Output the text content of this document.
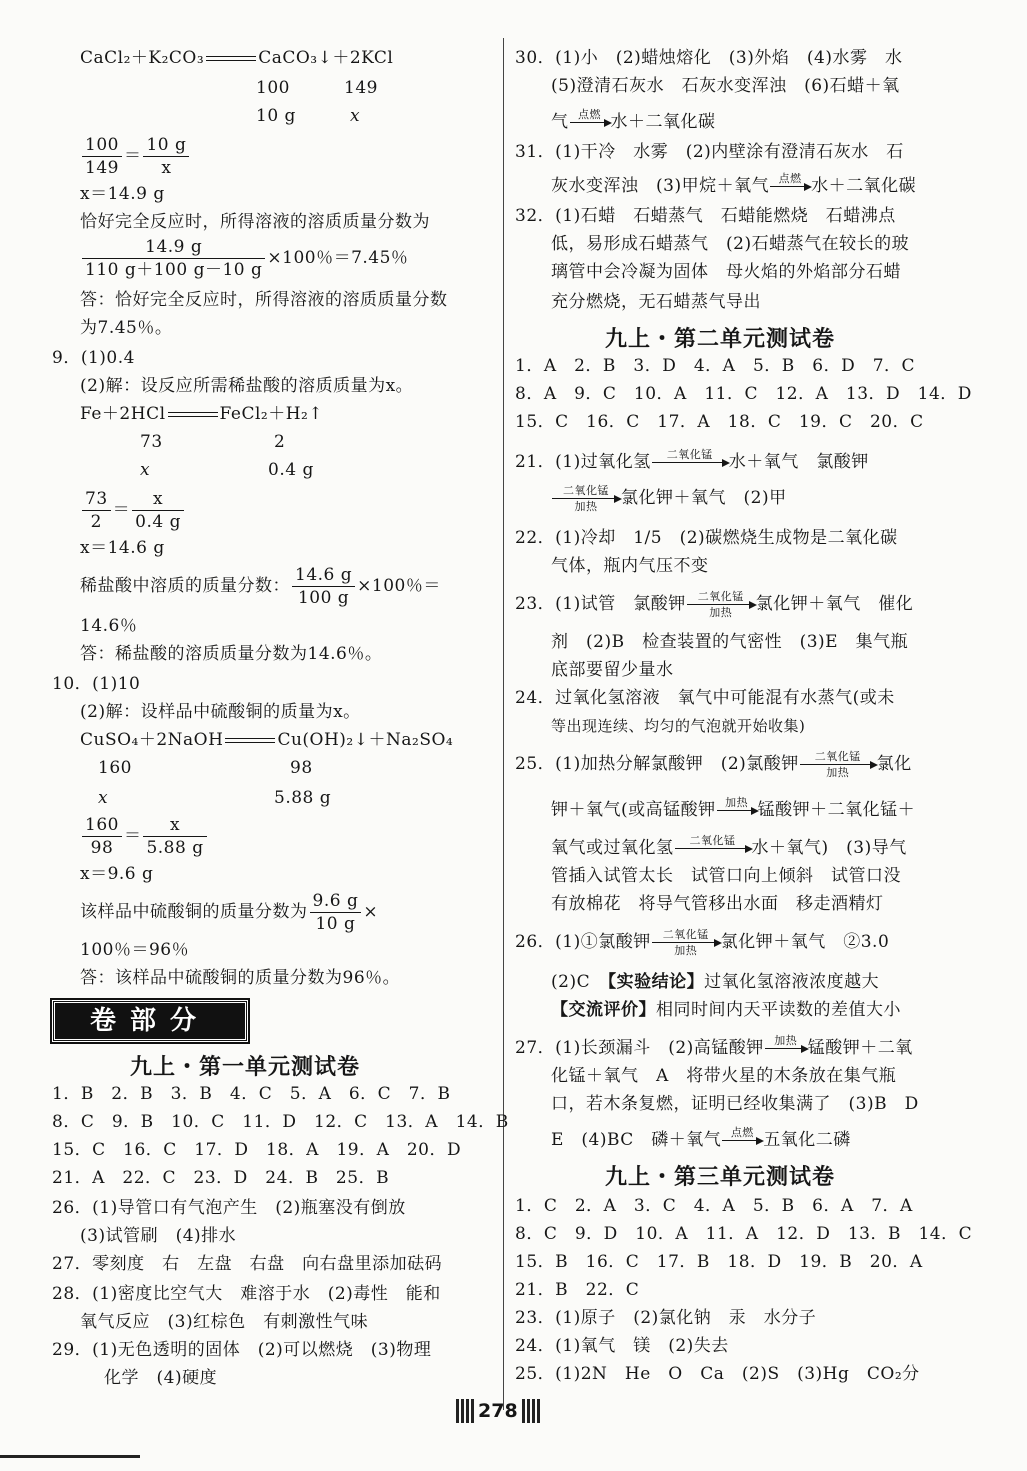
CaCl₂＋K₂CO₃	CaCO₃↓＋2KCl
100	149
10 g	x
$\frac{100}{149} = \frac{10 g}{x}$
x＝14.9 g
恰好完全反应时，所得溶液的溶质质量分数为
$\frac{14.9 g}{110 g+100 g-10 g} \times 100$％＝7.45％
答：恰好完全反应时，所得溶液的溶质质量分数
为7.45％。
9．(1)0.4
(2)解：设反应所需稀盐酸的溶质质量为x。
Fe＋2HCl	FeCl₂＋H₂↑
73	2
x	0.4 g
$\frac{73}{2} = \frac{x}{0.4 g}$
x＝14.6 g
稀盐酸中溶质的质量分数： $\frac{14.6 g}{100 g} \times 100$％＝
14.6％
答：稀盐酸的溶质质量分数为14.6％。
10．(1)10
(2)解：设样品中硫酸铜的质量为x。
CuSO₄＋2NaOH	Cu(OH)₂↓＋Na₂SO₄
160	98
x	5.88 g
$\frac{160}{98} = \frac{x}{5.88 g}$
x＝9.6 g
该样品中硫酸铜的质量分数为 $\frac{9.6 g}{10 g}$ ×
100％＝96％
答：该样品中硫酸铜的质量分数为96％。
卷部分
九上・第一单元测试卷
1．B　2．B　3．B　4．C　5．A　6．C　7．B
8．C　9．B　10．C　11．D　12．C　13．A　14．B
15．C　16．C　17．D　18．A　19．A　20．D
21．A　22．C　23．D　24．B　25．B
26．(1)导管口有气泡产生　(2)瓶塞没有倒放
(3)试管刷　(4)排水
27．零刻度　右　左盘　右盘　向右盘里添加砝码
28．(1)密度比空气大　难溶于水　(2)毒性　能和
氧气反应　(3)红棕色　有刺激性气味
29．(1)无色透明的固体　(2)可以燃烧　(3)物理
化学　(4)硬度
30．(1)小　(2)蜡烛熔化　(3)外焰　(4)水雾　水
(5)澄清石灰水　石灰水变浑浊　(6)石蜡＋氧
气 点燃 水＋二氧化碳
31．(1)干冷　水雾　(2)内壁涂有澄清石灰水　石
灰水变浑浊　(3)甲烷＋氧气 点燃 水＋二氧化碳
32．(1)石蜡　石蜡蒸气　石蜡能燃烧　石蜡沸点
低，易形成石蜡蒸气　(2)石蜡蒸气在较长的玻
璃管中会冷凝为固体　母火焰的外焰部分石蜡
充分燃烧，无石蜡蒸气导出
九上・第二单元测试卷
1．A　2．B　3．D　4．A　5．B　6．D　7．C
8．A　9．C　10．A　11．C　12．A　13．D　14．D
15．C　16．C　17．A　18．C　19．C　20．C
21．(1)过氧化氢	二氧化锰 水＋氧气　氯酸钾
二氧化锰
加热	氯化钾＋氧气　(2)甲
22．(1)冷却　1/5　(2)碳燃烧生成物是二氧化碳
气体，瓶内气压不变
23．(1)试管　氯酸钾	二氧化锰
加热	氯化钾＋氧气　催化
剂　(2)B　检查装置的气密性　(3)E　集气瓶
底部要留少量水
24．过氧化氢溶液　氧气中可能混有水蒸气(或未
等出现连续、均匀的气泡就开始收集)
25．(1)加热分解氯酸钾　(2)氯酸钾	二氧化锰
加热	氯化
钾＋氧气(或高锰酸钾 加热 锰酸钾＋二氧化锰＋
氧气或过氧化氢	二氧化锰 水＋氧气)　(3)导气
管插入试管太长　试管口向上倾斜　试管口没
有放棉花　将导气管移出水面　移走酒精灯
26．(1)①氯酸钾	二氧化锰
加热	氯化钾＋氧气　②3.0
(2)C　【实验结论】过氧化氢溶液浓度越大
【交流评价】相同时间内天平读数的差值大小
27．(1)长颈漏斗　(2)高锰酸钾 加热 锰酸钾＋二氧
化锰＋氧气　A　将带火星的木条放在集气瓶
口，若木条复燃，证明已经收集满了　(3)B　D
E　(4)BC　磷＋氧气 点燃 五氧化二磷
九上・第三单元测试卷
1．C　2．A　3．C　4．A　5．B　6．A　7．A
8．C　9．D　10．A　11．A　12．D　13．B　14．C
15．B　16．C　17．B　18．D　19．B　20．A
21．B　22．C
23．(1)原子　(2)氯化钠　汞　水分子
24．(1)氧气　镁　(2)失去
25．(1)2N　He　O　Ca　(2)S　(3)Hg　CO₂分
278
